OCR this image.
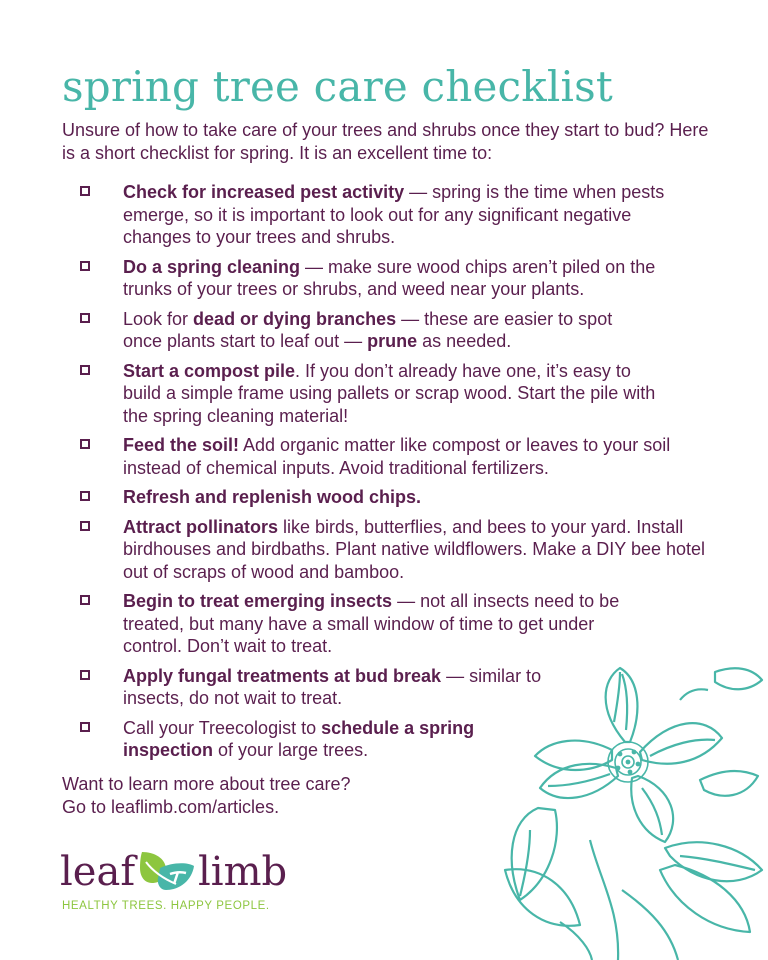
spring tree care checklist
Unsure of how to take care of your trees and shrubs once they start to bud? Here is a short checklist for spring. It is an excellent time to:
Check for increased pest activity — spring is the time when pests emerge, so it is important to look out for any significant negative changes to your trees and shrubs.
Do a spring cleaning — make sure wood chips aren’t piled on the trunks of your trees or shrubs, and weed near your plants.
Look for dead or dying branches — these are easier to spot once plants start to leaf out — prune as needed.
Start a compost pile. If you don’t already have one, it’s easy to build a simple frame using pallets or scrap wood. Start the pile with the spring cleaning material!
Feed the soil! Add organic matter like compost or leaves to your soil instead of chemical inputs. Avoid traditional fertilizers.
Refresh and replenish wood chips.
Attract pollinators like birds, butterflies, and bees to your yard. Install birdhouses and birdbaths. Plant native wildflowers. Make a DIY bee hotel out of scraps of wood and bamboo.
Begin to treat emerging insects — not all insects need to be treated, but many have a small window of time to get under control. Don’t wait to treat.
Apply fungal treatments at bud break — similar to insects, do not wait to treat.
Call your Treecologist to schedule a spring inspection of your large trees.
Want to learn more about tree care?
Go to leaflimb.com/articles.
leaf limb
HEALTHY TREES. HAPPY PEOPLE.
